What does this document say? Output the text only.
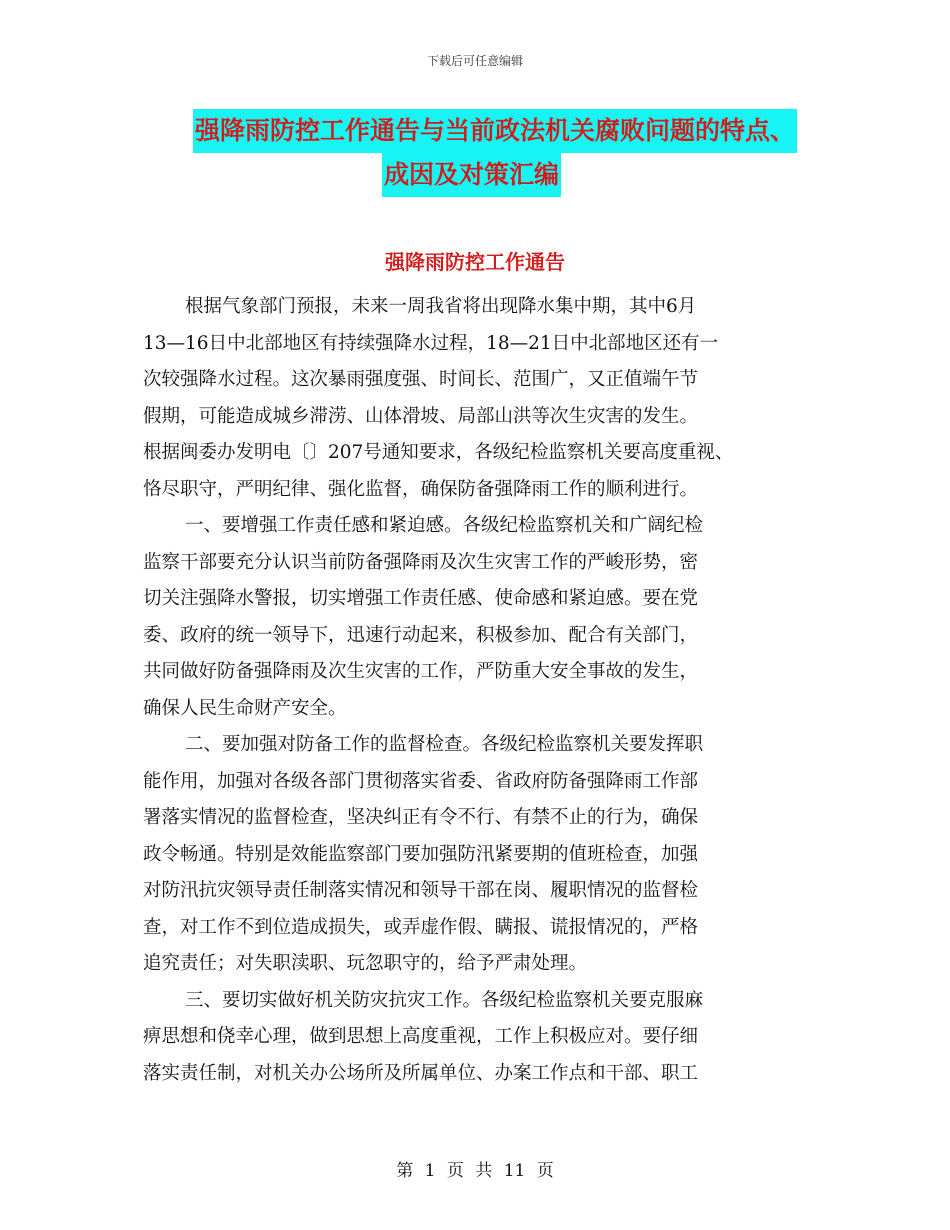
下载后可任意编辑
强降雨防控工作通告与当前政法机关腐败问题的特点、
成因及对策汇编
强降雨防控工作通告
根据气象部门预报，未来一周我省将出现降水集中期，其中6月
13—16日中北部地区有持续强降水过程，18—21日中北部地区还有一
次较强降水过程。这次暴雨强度强、时间长、范围广，又正值端午节
假期，可能造成城乡滞涝、山体滑坡、局部山洪等次生灾害的发生。
根据闽委办发明电〔〕207号通知要求，各级纪检监察机关要高度重视、
恪尽职守，严明纪律、强化监督，确保防备强降雨工作的顺利进行。
一、要增强工作责任感和紧迫感。各级纪检监察机关和广阔纪检
监察干部要充分认识当前防备强降雨及次生灾害工作的严峻形势，密
切关注强降水警报，切实增强工作责任感、使命感和紧迫感。要在党
委、政府的统一领导下，迅速行动起来，积极参加、配合有关部门，
共同做好防备强降雨及次生灾害的工作，严防重大安全事故的发生，
确保人民生命财产安全。
二、要加强对防备工作的监督检查。各级纪检监察机关要发挥职
能作用，加强对各级各部门贯彻落实省委、省政府防备强降雨工作部
署落实情况的监督检查，坚决纠正有令不行、有禁不止的行为，确保
政令畅通。特别是效能监察部门要加强防汛紧要期的值班检查，加强
对防汛抗灾领导责任制落实情况和领导干部在岗、履职情况的监督检
查，对工作不到位造成损失，或弄虚作假、瞒报、谎报情况的，严格
追究责任；对失职渎职、玩忽职守的，给予严肃处理。
三、要切实做好机关防灾抗灾工作。各级纪检监察机关要克服麻
痹思想和侥幸心理，做到思想上高度重视，工作上积极应对。要仔细
落实责任制，对机关办公场所及所属单位、办案工作点和干部、职工
第 1 页 共 11 页
